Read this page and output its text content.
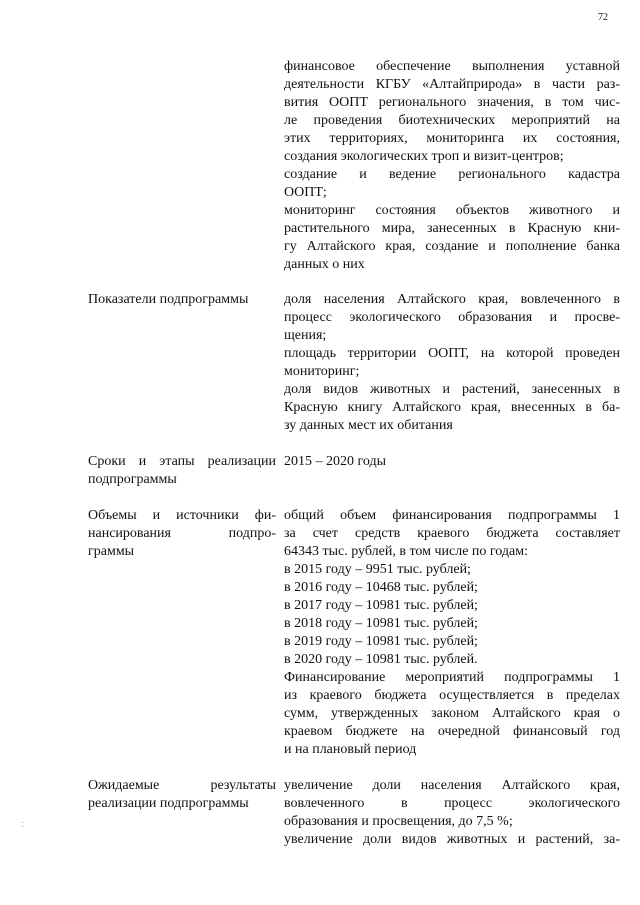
72
финансовое обеспечение выполнения уставной
деятельности КГБУ «Алтайприрода» в части раз-
вития ООПТ регионального значения, в том чис-
ле проведения биотехнических мероприятий на
этих территориях, мониторинга их состояния,
создания экологических троп и визит-центров;
создание и ведение регионального кадастра
ООПТ;
мониторинг состояния объектов животного и
растительного мира, занесенных в Красную кни-
гу Алтайского края, создание и пополнение банка
данных о них
Показатели подпрограммы	доля населения Алтайского края, вовлеченного в
процесс экологического образования и просве-
щения;
площадь территории ООПТ, на которой проведен
мониторинг;
доля видов животных и растений, занесенных в
Красную книгу Алтайского края, внесенных в ба-
зу данных мест их обитания
Сроки и этапы реализации
подпрограммы
2015 – 2020 годы
Объемы и источники фи-
нансирования подпро-
граммы
общий объем финансирования подпрограммы 1
за счет средств краевого бюджета составляет
64343 тыс. рублей, в том числе по годам:
в 2015 году – 9951 тыс. рублей;
в 2016 году – 10468 тыс. рублей;
в 2017 году – 10981 тыс. рублей;
в 2018 году – 10981 тыс. рублей;
в 2019 году – 10981 тыс. рублей;
в 2020 году – 10981 тыс. рублей.
Финансирование мероприятий подпрограммы 1
из краевого бюджета осуществляется в пределах
сумм, утвержденных законом Алтайского края о
краевом бюджете на очередной финансовый год
и на плановый период
Ожидаемые результаты
реализации подпрограммы
увеличение доли населения Алтайского края,
вовлеченного в процесс экологического
образования и просвещения, до 7,5 %;
увеличение доли видов животных и растений, за-
